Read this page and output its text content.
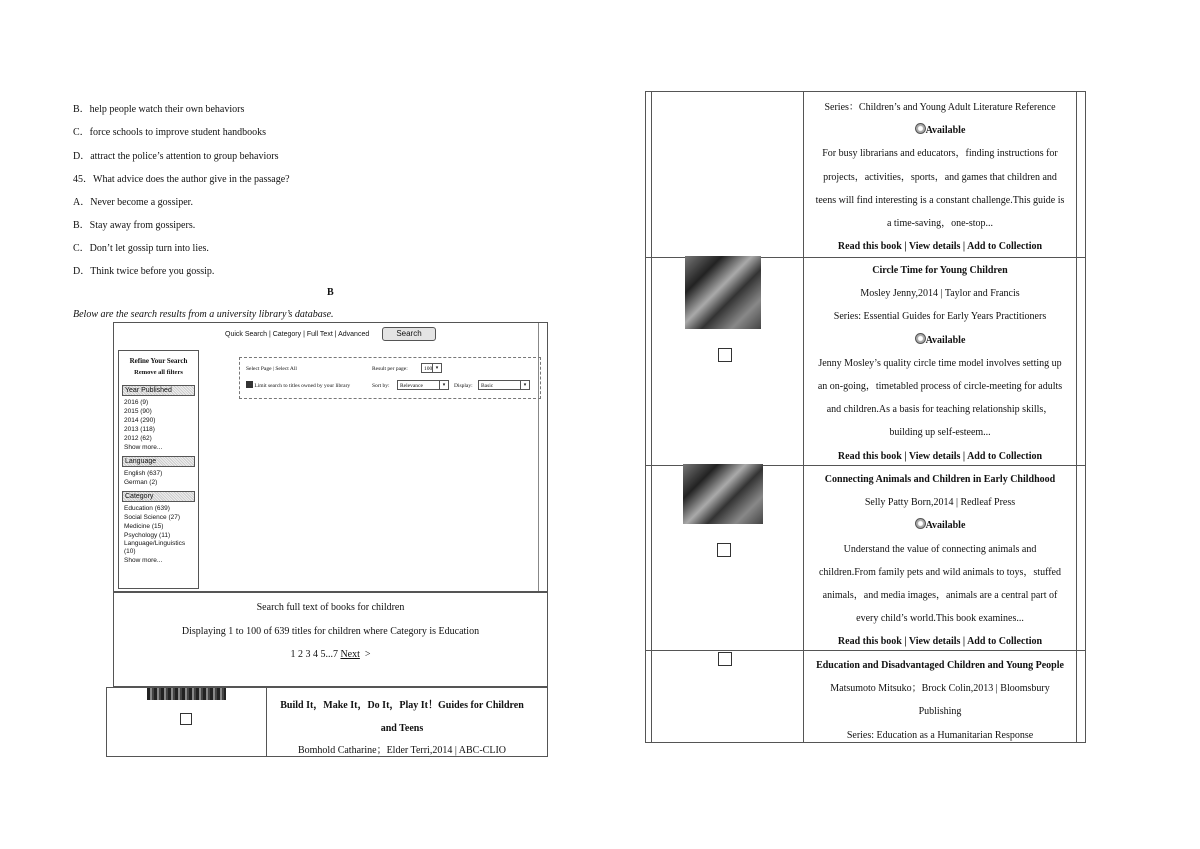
B．help people watch their own behaviors
C．force schools to improve student handbooks
D．attract the police’s attention to group behaviors
45．What advice does the author give in the passage?
A．Never become a gossiper.
B．Stay away from gossipers.
C．Don’t let gossip turn into lies.
D．Think twice before you gossip.
B
Below are the search results from a university library’s database.
Quick Search | Category | Full Text | Advanced	Search
Refine Your Search
Remove all filters
Year Published
2016 (9)
2015 (90)
2014 (290)
2013 (118)
2012 (62)
Show more...
Language
English (637)
German (2)
Category
Education (639)
Social Science (27)
Medicine (15)
Psychology (11)
Language/Linguistics (10)
Show more...
Select Page | Select All
Limit search to titles owned by your library
Result per page:	100 ▾
Sort by:	Relevance	▾	Display:	Basic	▾
Search full text of books for children
Displaying 1 to 100 of 639 titles for children where Category is Education
1 2 3 4 5...7 Next >
Build It，Make It，Do It，Play It！Guides for Children
and Teens
Bomhold Catharine；Elder Terri,2014 | ABC-CLIO
Series：Children’s and Young Adult Literature Reference
Available
For busy librarians and educators，finding instructions for
projects，activities，sports，and games that children and
teens will find interesting is a constant challenge.This guide is
a time-saving，one-stop...
Read this book | View details | Add to Collection
Circle Time for Young Children
Mosley Jenny,2014 | Taylor and Francis
Series: Essential Guides for Early Years Practitioners
Available
Jenny Mosley’s quality circle time model involves setting up
an on-going，timetabled process of circle-meeting for adults
and children.As a basis for teaching relationship skills，
building up self-esteem...
Read this book | View details | Add to Collection
Connecting Animals and Children in Early Childhood
Selly Patty Born,2014 | Redleaf Press
Available
Understand the value of connecting animals and
children.From family pets and wild animals to toys，stuffed
animals，and media images，animals are a central part of
every child’s world.This book examines...
Read this book | View details | Add to Collection
Education and Disadvantaged Children and Young People
Matsumoto Mitsuko；Brock Colin,2013 | Bloomsbury
Publishing
Series: Education as a Humanitarian Response
